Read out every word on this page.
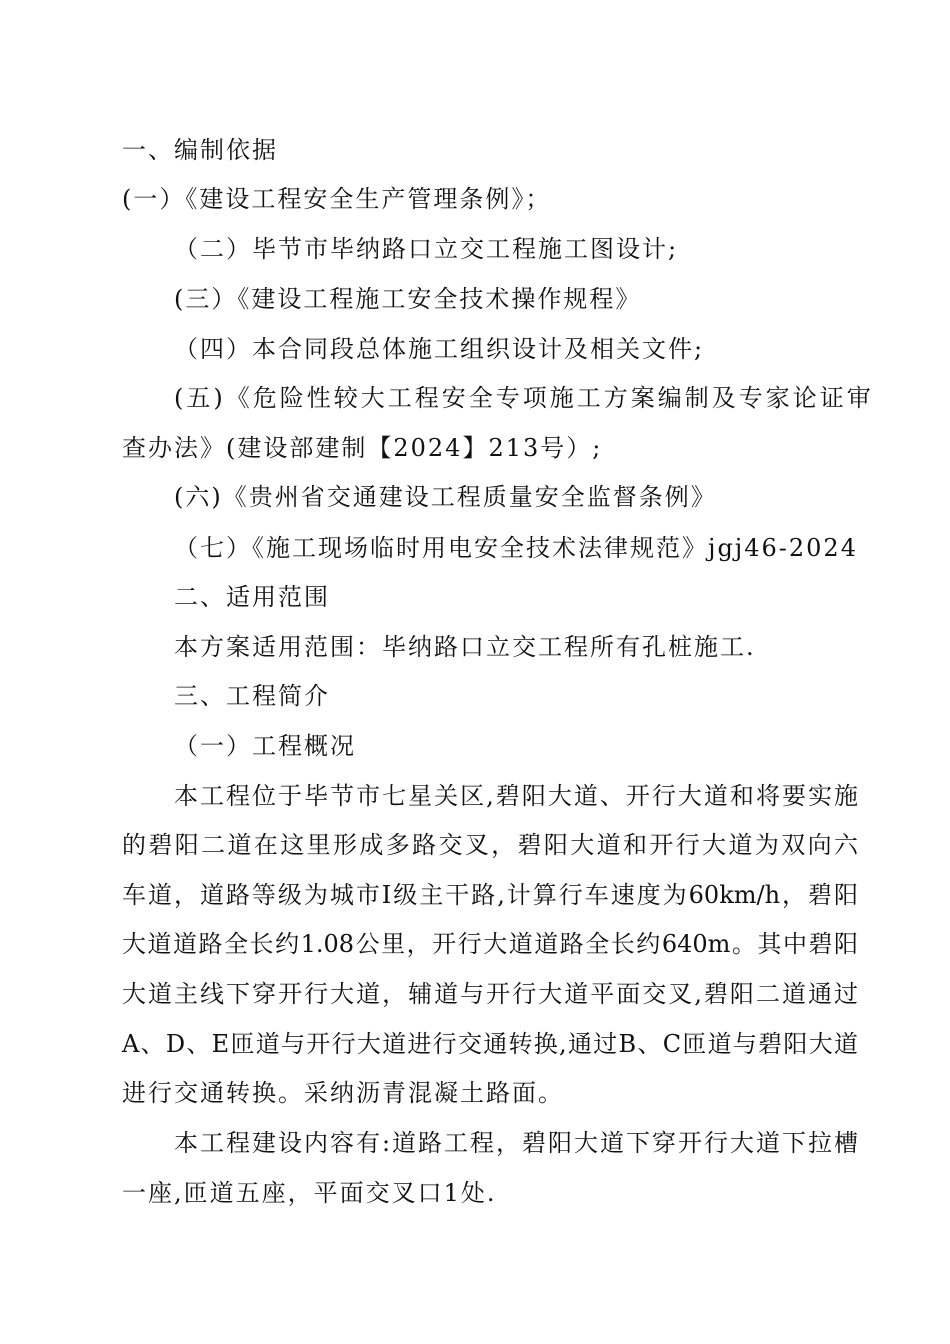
一、编制依据
(一）《建设工程安全生产管理条例》；
（二）毕节市毕纳路口立交工程施工图设计;
(三）《建设工程施工安全技术操作规程》
（四）本合同段总体施工组织设计及相关文件;
(五)《危险性较大工程安全专项施工方案编制及专家论证审
查办法》(建设部建制【2024】213号）;
(六)《贵州省交通建设工程质量安全监督条例》
（七）《施工现场临时用电安全技术法律规范》jgj46-2024
二、适用范围
本方案适用范围：毕纳路口立交工程所有孔桩施工.
三、工程简介
（一）工程概况
本工程位于毕节市七星关区,碧阳大道、开行大道和将要实施
的碧阳二道在这里形成多路交叉，碧阳大道和开行大道为双向六
车道，道路等级为城市Ⅰ级主干路,计算行车速度为60km/h，碧阳
大道道路全长约1.08公里，开行大道道路全长约640m。其中碧阳
大道主线下穿开行大道，辅道与开行大道平面交叉,碧阳二道通过
A、D、E匝道与开行大道进行交通转换,通过B、C匝道与碧阳大道
进行交通转换。采纳沥青混凝土路面。
本工程建设内容有:道路工程，碧阳大道下穿开行大道下拉槽
一座,匝道五座，平面交叉口1处.
